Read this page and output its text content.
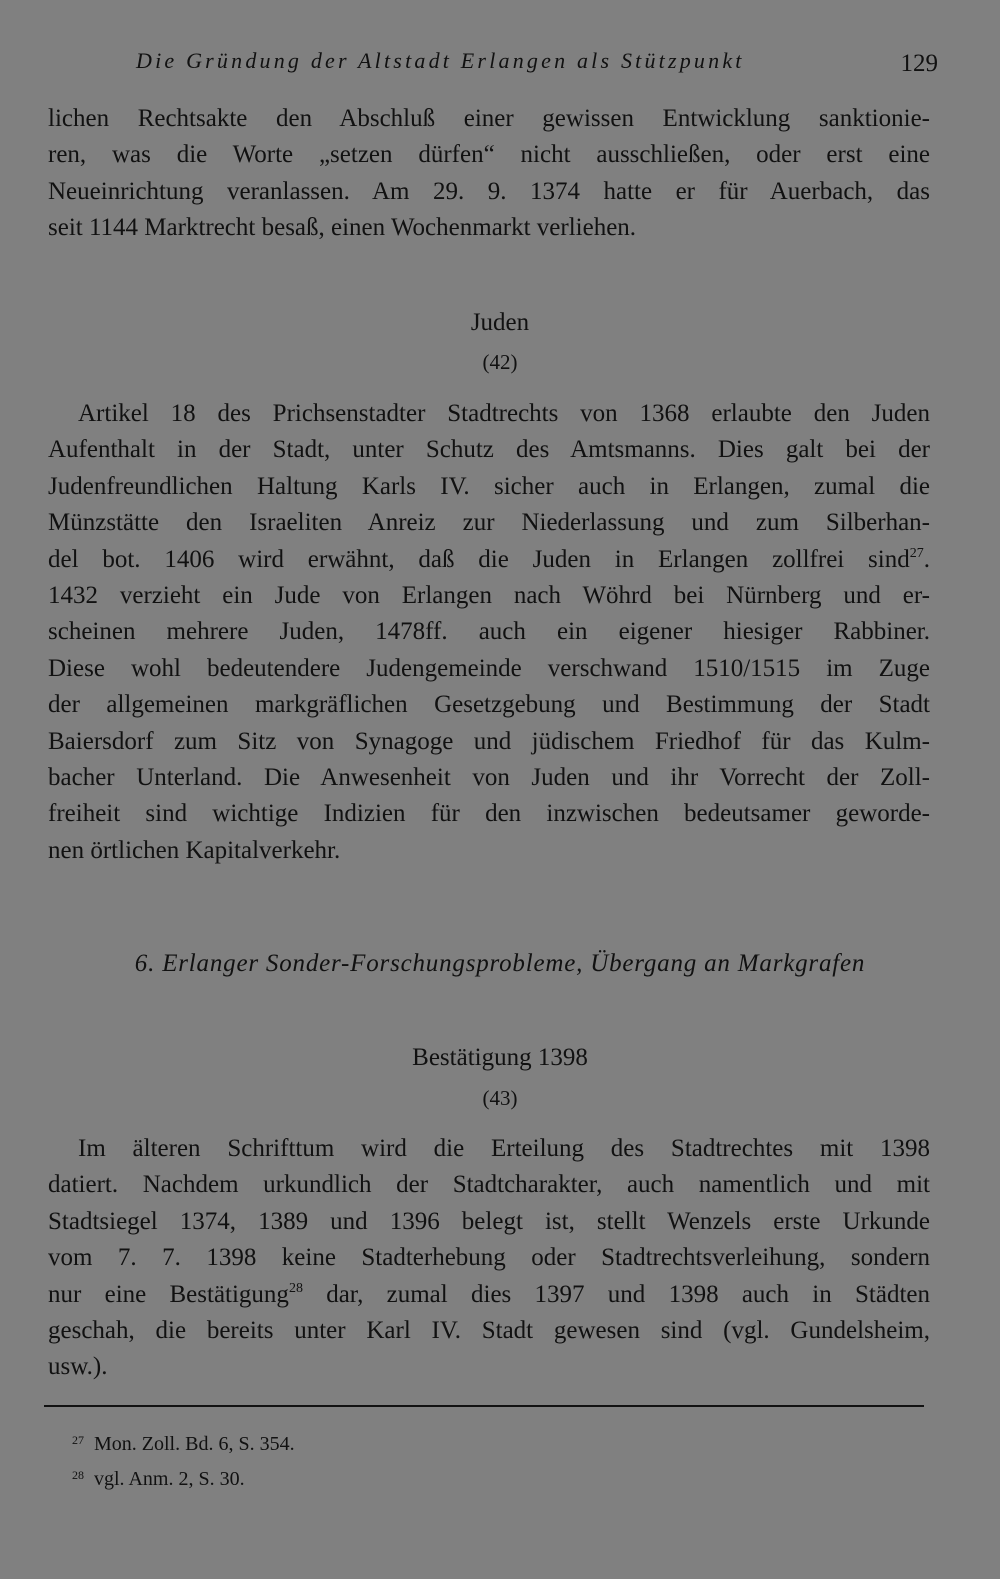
Die Gründung der Altstadt Erlangen als Stützpunkt	129
lichen Rechtsakte den Abschluß einer gewissen Entwicklung sanktionie-
ren, was die Worte „setzen dürfen“ nicht ausschließen, oder erst eine
Neueinrichtung veranlassen. Am 29. 9. 1374 hatte er für Auerbach, das
seit 1144 Marktrecht besaß, einen Wochenmarkt verliehen.
Juden
(42)
Artikel 18 des Prichsenstadter Stadtrechts von 1368 erlaubte den Juden
Aufenthalt in der Stadt, unter Schutz des Amtsmanns. Dies galt bei der
Judenfreundlichen Haltung Karls IV. sicher auch in Erlangen, zumal die
Münzstätte den Israeliten Anreiz zur Niederlassung und zum Silberhan-
del bot. 1406 wird erwähnt, daß die Juden in Erlangen zollfrei sind$^{27}$.
1432 verzieht ein Jude von Erlangen nach Wöhrd bei Nürnberg und er-
scheinen mehrere Juden, 1478ff. auch ein eigener hiesiger Rabbiner.
Diese wohl bedeutendere Judengemeinde verschwand 1510/1515 im Zuge
der allgemeinen markgräflichen Gesetzgebung und Bestimmung der Stadt
Baiersdorf zum Sitz von Synagoge und jüdischem Friedhof für das Kulm-
bacher Unterland. Die Anwesenheit von Juden und ihr Vorrecht der Zoll-
freiheit sind wichtige Indizien für den inzwischen bedeutsamer geworde-
nen örtlichen Kapitalverkehr.
6. Erlanger Sonder-Forschungsprobleme, Übergang an Markgrafen
Bestätigung 1398
(43)
Im älteren Schrifttum wird die Erteilung des Stadtrechtes mit 1398
datiert. Nachdem urkundlich der Stadtcharakter, auch namentlich und mit
Stadtsiegel 1374, 1389 und 1396 belegt ist, stellt Wenzels erste Urkunde
vom 7. 7. 1398 keine Stadterhebung oder Stadtrechtsverleihung, sondern
nur eine Bestätigung$^{28}$ dar, zumal dies 1397 und 1398 auch in Städten
geschah, die bereits unter Karl IV. Stadt gewesen sind (vgl. Gundelsheim,
usw.).
$^{27}$ Mon. Zoll. Bd. 6, S. 354.
$^{28}$ vgl. Anm. 2, S. 30.
